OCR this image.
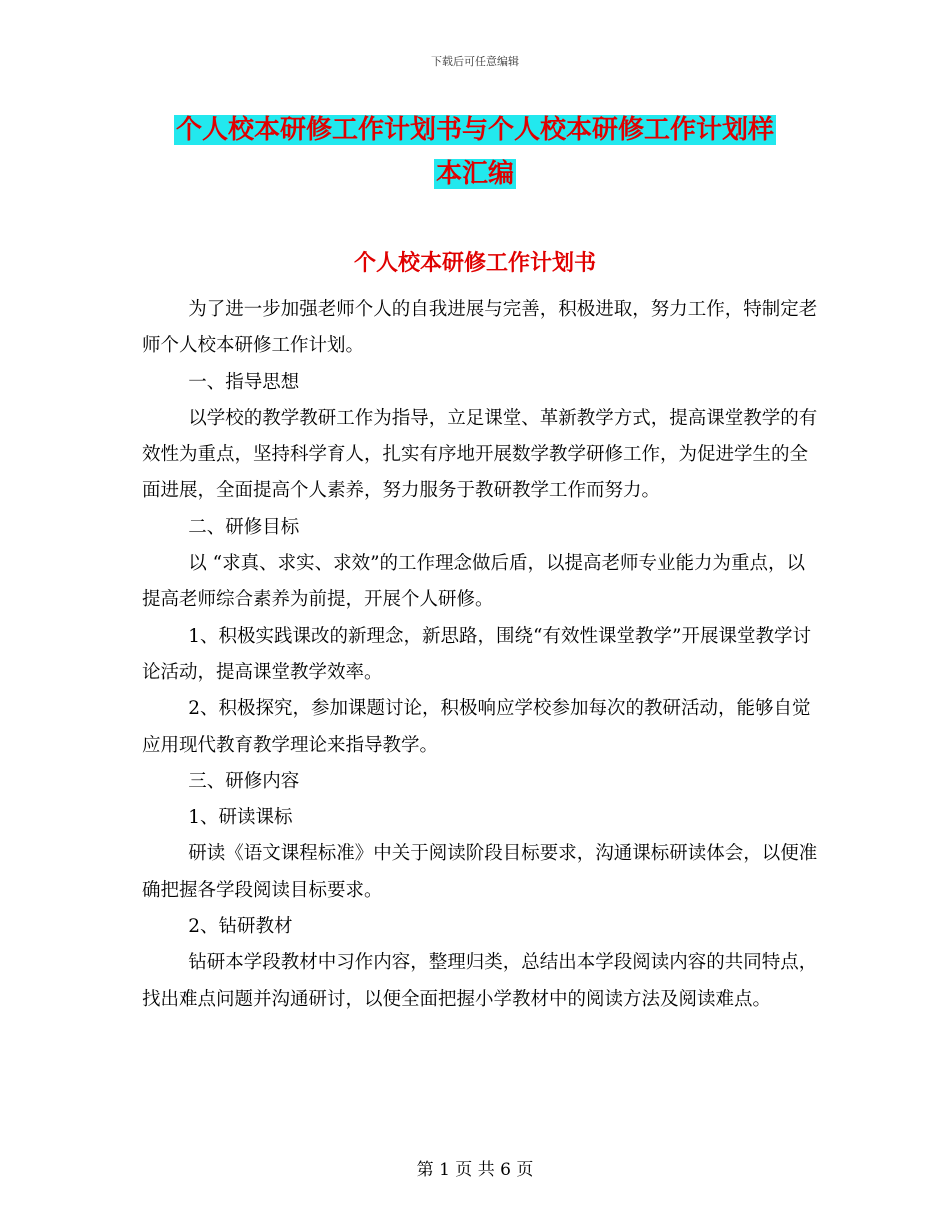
下载后可任意编辑
个人校本研修工作计划书与个人校本研修工作计划样
本汇编
个人校本研修工作计划书

为了进一步加强老师个人的自我进展与完善，积极进取，努力工作，特制定老师个人校本研修工作计划。

一、指导思想

以学校的教学教研工作为指导，立足课堂、革新教学方式，提高课堂教学的有效性为重点，坚持科学育人，扎实有序地开展数学教学研修工作，为促进学生的全面进展，全面提高个人素养，努力服务于教研教学工作而努力。

二、研修目标

以 “求真、求实、求效”的工作理念做后盾，以提高老师专业能力为重点，以提高老师综合素养为前提，开展个人研修。

1、积极实践课改的新理念，新思路，围绕“有效性课堂教学”开展课堂教学讨论活动，提高课堂教学效率。

2、积极探究，参加课题讨论，积极响应学校参加每次的教研活动，能够自觉应用现代教育教学理论来指导教学。

三、研修内容

1、研读课标

研读《语文课程标准》中关于阅读阶段目标要求，沟通课标研读体会，以便准确把握各学段阅读目标要求。

2、钻研教材

钻研本学段教材中习作内容，整理归类，总结出本学段阅读内容的共同特点，找出难点问题并沟通研讨，以便全面把握小学教材中的阅读方法及阅读难点。

第 1 页 共 6 页
